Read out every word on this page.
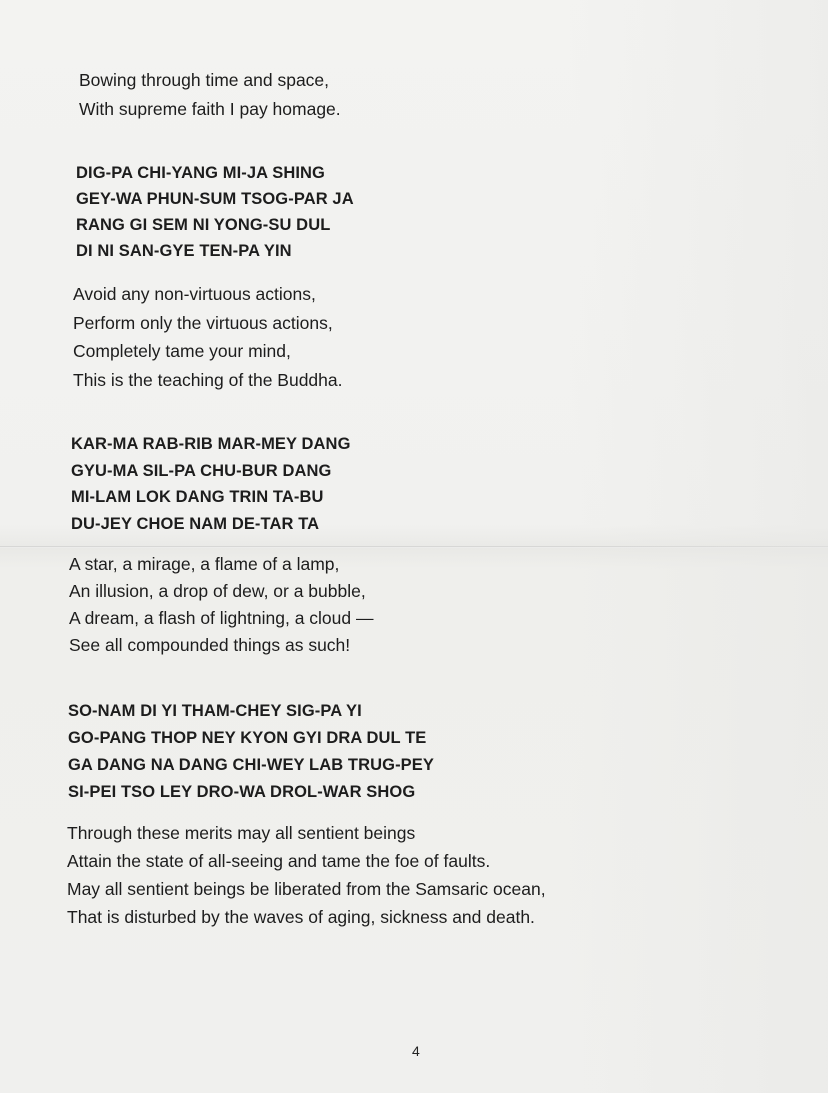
Bowing through time and space,
With supreme faith I pay homage.
DIG-PA CHI-YANG MI-JA SHING
GEY-WA PHUN-SUM TSOG-PAR JA
RANG GI SEM NI YONG-SU DUL
DI NI SAN-GYE TEN-PA YIN
Avoid any non-virtuous actions,
Perform only the virtuous actions,
Completely tame your mind,
This is the teaching of the Buddha.
KAR-MA RAB-RIB MAR-MEY DANG
GYU-MA SIL-PA CHU-BUR DANG
MI-LAM LOK DANG TRIN TA-BU
DU-JEY CHOE NAM DE-TAR TA
A star, a mirage, a flame of a lamp,
An illusion, a drop of dew, or a bubble,
A dream, a flash of lightning, a cloud —
See all compounded things as such!
SO-NAM DI YI THAM-CHEY SIG-PA YI
GO-PANG THOP NEY KYON GYI DRA DUL TE
GA DANG NA DANG CHI-WEY LAB TRUG-PEY
SI-PEI TSO LEY DRO-WA DROL-WAR SHOG
Through these merits may all sentient beings
Attain the state of all-seeing and tame the foe of faults.
May all sentient beings be liberated from the Samsaric ocean,
That is disturbed by the waves of aging, sickness and death.
4
